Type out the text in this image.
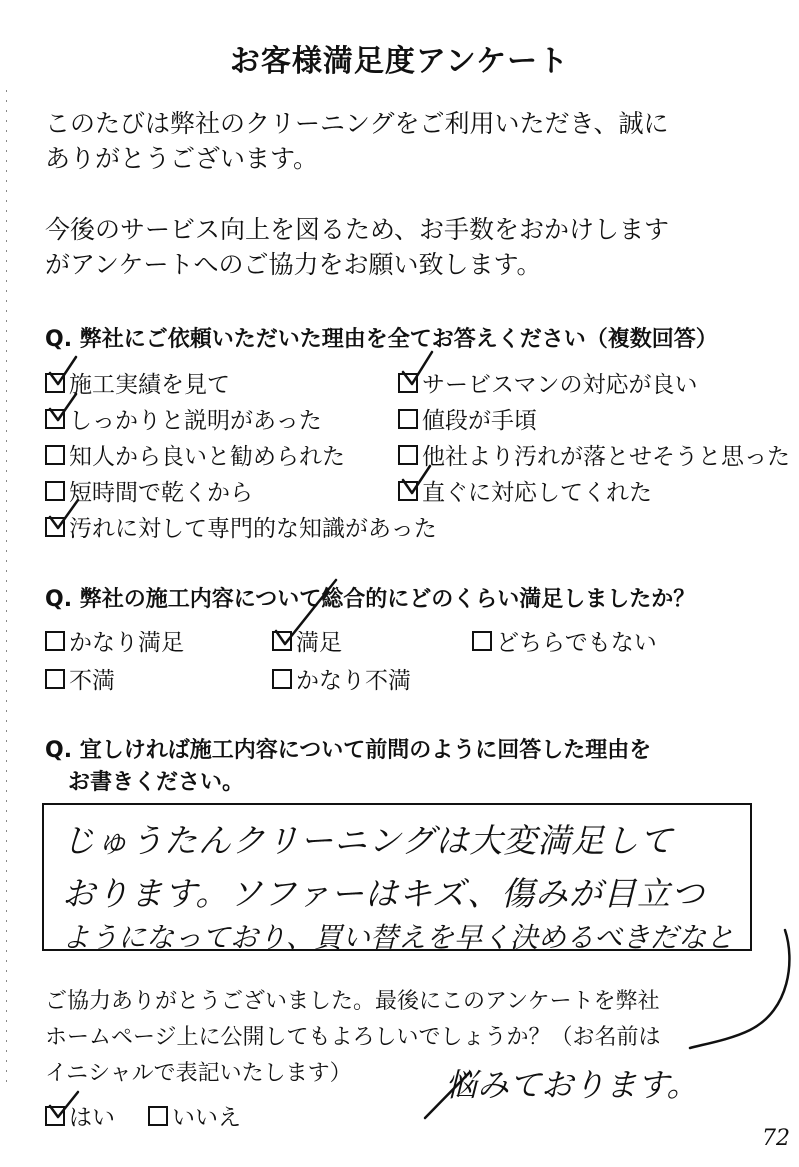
お客様満足度アンケート
このたびは弊社のクリーニングをご利用いただき、誠に
ありがとうございます。
今後のサービス向上を図るため、お手数をおかけします
がアンケートへのご協力をお願い致します。
Q. 弊社にご依頼いただいた理由を全てお答えください（複数回答）
施工実績を見て	サービスマンの対応が良い
しっかりと説明があった	値段が手頃
知人から良いと勧められた	他社より汚れが落とせそうと思った
短時間で乾くから	直ぐに対応してくれた
汚れに対して専門的な知識があった
Q. 弊社の施工内容について総合的にどのくらい満足しましたか？
かなり満足	満足	どちらでもない
不満	かなり不満
Q. 宜しければ施工内容について前問のように回答した理由を
お書きください。
じゅうたんクリーニングは大変満足して
おります。ソファーはキズ、傷みが目立つ
ようになっており、買い替えを早く決めるべきだなと
ご協力ありがとうございました。最後にこのアンケートを弊社
ホームページ上に公開してもよろしいでしょうか？（お名前は
イニシャルで表記いたします）
はい	いいえ
悩みております。
72
